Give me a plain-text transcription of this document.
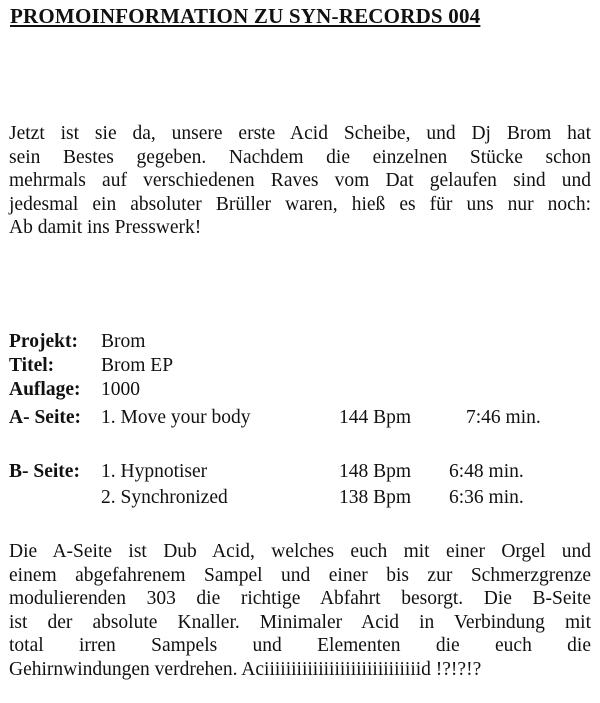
PROMOINFORMATION ZU SYN-RECORDS 004
Jetzt ist sie da, unsere erste Acid Scheibe, und Dj Brom hat
sein Bestes gegeben. Nachdem die einzelnen Stücke schon
mehrmals auf verschiedenen Raves vom Dat gelaufen sind und
jedesmal ein absoluter Brüller waren, hieß es für uns nur noch:
Ab damit ins Presswerk!
Projekt: Brom
Titel: Brom EP
Auflage: 1000
A- Seite: 1. Move your body	144 Bpm	7:46 min.
B- Seite: 1. Hypnotiser	148 Bpm 6:48 min.
2. Synchronized	138 Bpm 6:36 min.
Die A-Seite ist Dub Acid, welches euch mit einer Orgel und
einem abgefahrenem Sampel und einer bis zur Schmerzgrenze
modulierenden 303 die richtige Abfahrt besorgt. Die B-Seite
ist der absolute Knaller. Minimaler Acid in Verbindung mit
total irren Sampels und Elementen die euch die
Gehirnwindungen verdrehen. Aciiiiiiiiiiiiiiiiiiiiiiiiiiiiid !?!?!?
